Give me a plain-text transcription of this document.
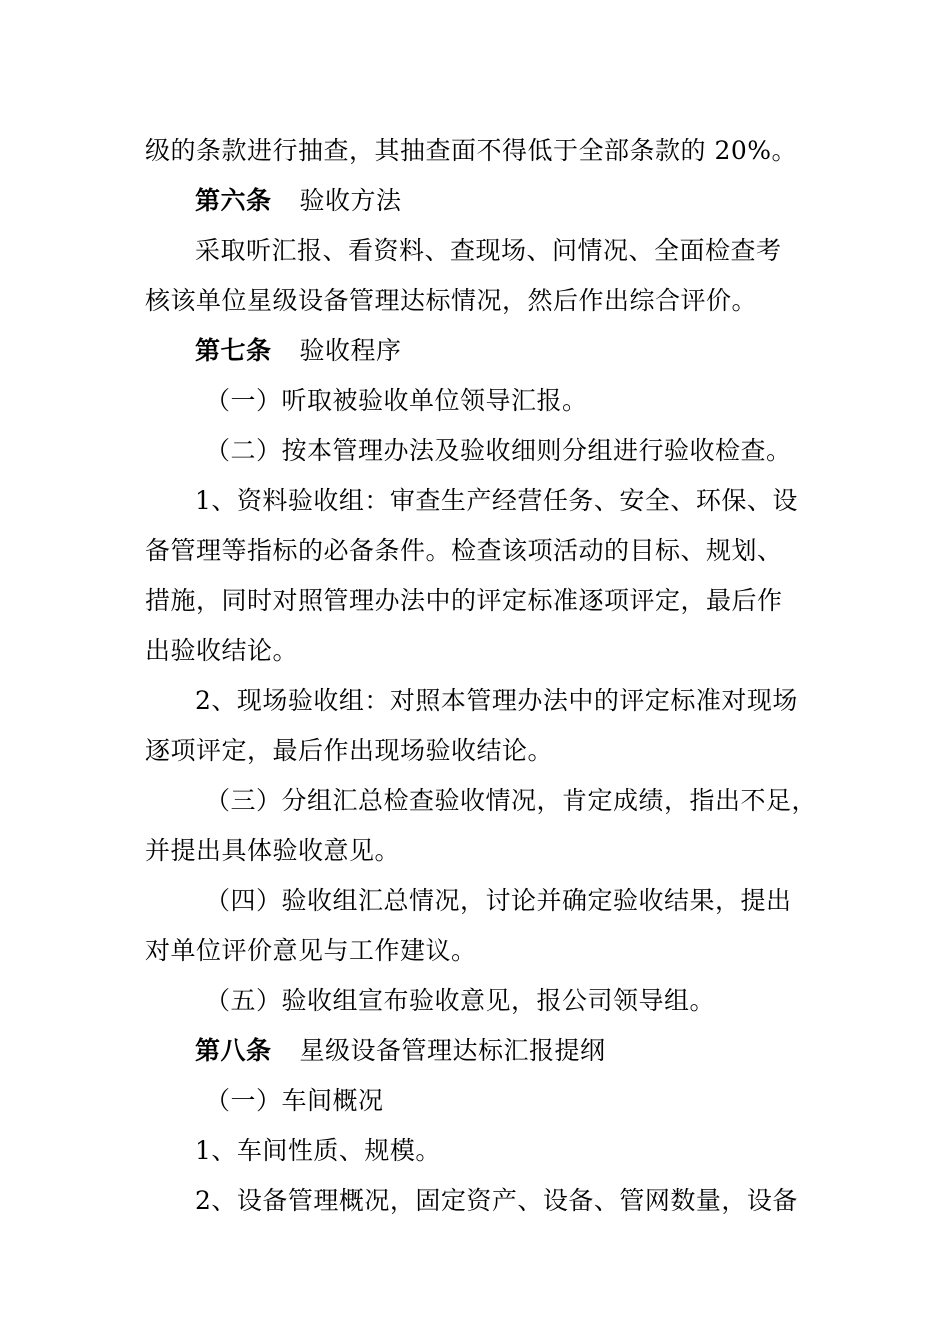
级的条款进行抽查，其抽查面不得低于全部条款的 20%。

第六条 验收方法

采取听汇报、看资料、查现场、问情况、全面检查考

核该单位星级设备管理达标情况，然后作出综合评价。

第七条 验收程序

（一）听取被验收单位领导汇报。

（二）按本管理办法及验收细则分组进行验收检查。

1、资料验收组：审查生产经营任务、安全、环保、设

备管理等指标的必备条件。检查该项活动的目标、规划、

措施，同时对照管理办法中的评定标准逐项评定，最后作

出验收结论。

2、现场验收组：对照本管理办法中的评定标准对现场

逐项评定，最后作出现场验收结论。

（三）分组汇总检查验收情况，肯定成绩，指出不足，

并提出具体验收意见。

（四）验收组汇总情况，讨论并确定验收结果，提出

对单位评价意见与工作建议。

（五）验收组宣布验收意见，报公司领导组。

第八条 星级设备管理达标汇报提纲

（一）车间概况

1、车间性质、规模。

2、设备管理概况，固定资产、设备、管网数量，设备
